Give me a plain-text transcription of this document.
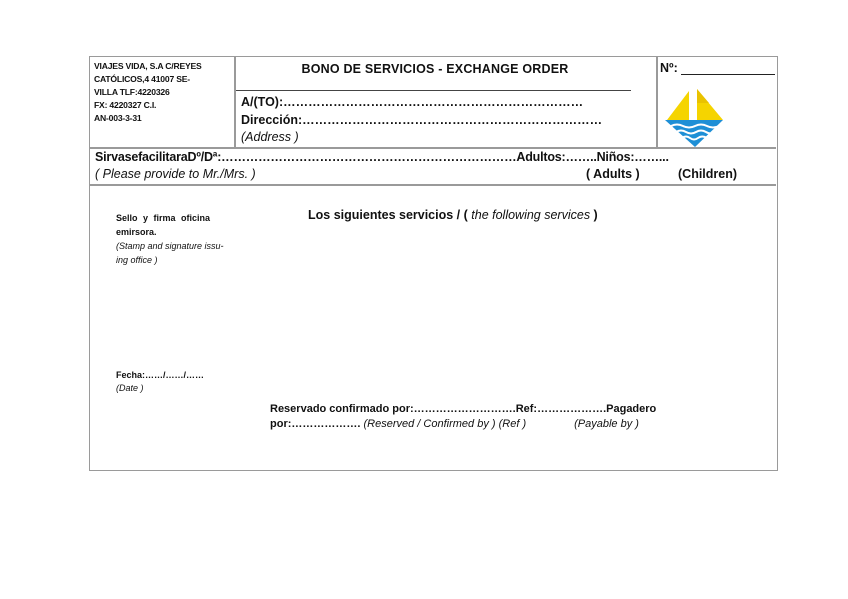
VIAJES VIDA, S.A C/REYES
CATÓLICOS,4 41007 SE-
VILLA TLF:4220326
FX: 4220327 C.I.
AN-003-3-31
BONO DE SERVICIOS - EXCHANGE ORDER
A/(TO):………………………………………………………………
Dirección:………………………………………………………………
(Address )
Nº:
SirvasefacilitaraDº/Dª:………………………………………………………………Adultos:……..Niños:……...
( Please provide to Mr./Mrs. )	( Adults )	(Children)
Sello y firma oficina
emirsora.
(Stamp and signature issu-
ing office )
Los siguientes servicios / ( the following services )
Fecha:……/……/……
(Date )
Reservado confirmado por:……………………….Ref:……………….Pagadero
por:………………. (Reserved / Confirmed by ) (Ref )	(Payable by )
